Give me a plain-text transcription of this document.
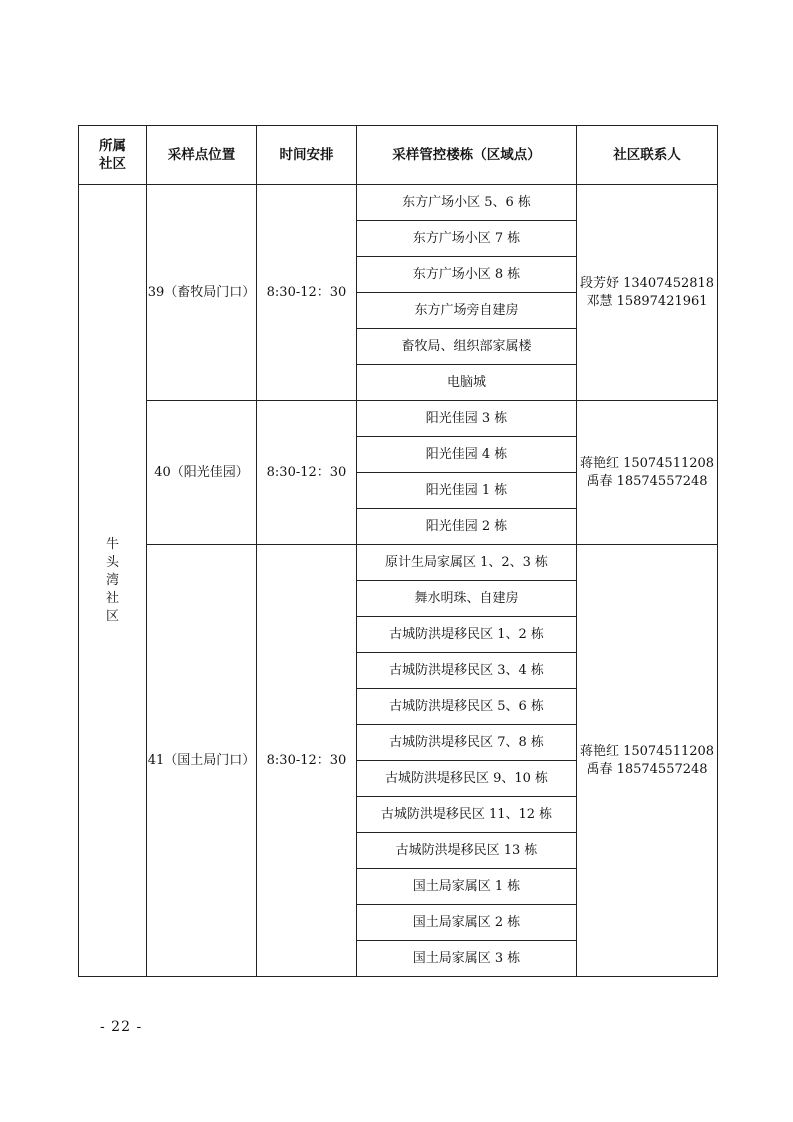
所属
社区	采样点位置	时间安排	采样管控楼栋（区域点）	社区联系人
牛
头
湾
社
区	39（畜牧局门口）	8:30-12：30	东方广场小区 5、6 栋	段芳妤 13407452818
邓慧 15897421961

			东方广场小区 7 栋	
			东方广场小区 8 栋	
			东方广场旁自建房	
			畜牧局、组织部家属楼	
			电脑城	
	40（阳光佳园）	8:30-12：30	阳光佳园 3 栋	蒋艳红 15074511208
禹春 18574557248

			阳光佳园 4 栋	
			阳光佳园 1 栋	
			阳光佳园 2 栋	
	41（国土局门口）	8:30-12：30	原计生局家属区 1、2、3 栋	蒋艳红 15074511208
禹春 18574557248

			舞水明珠、自建房	
			古城防洪堤移民区 1、2 栋	
			古城防洪堤移民区 3、4 栋	
			古城防洪堤移民区 5、6 栋	
			古城防洪堤移民区 7、8 栋	
			古城防洪堤移民区 9、10 栋	
			古城防洪堤移民区 11、12 栋	
			古城防洪堤移民区 13 栋	
			国土局家属区 1 栋	
			国土局家属区 2 栋	
			国土局家属区 3 栋	
- 22 -
